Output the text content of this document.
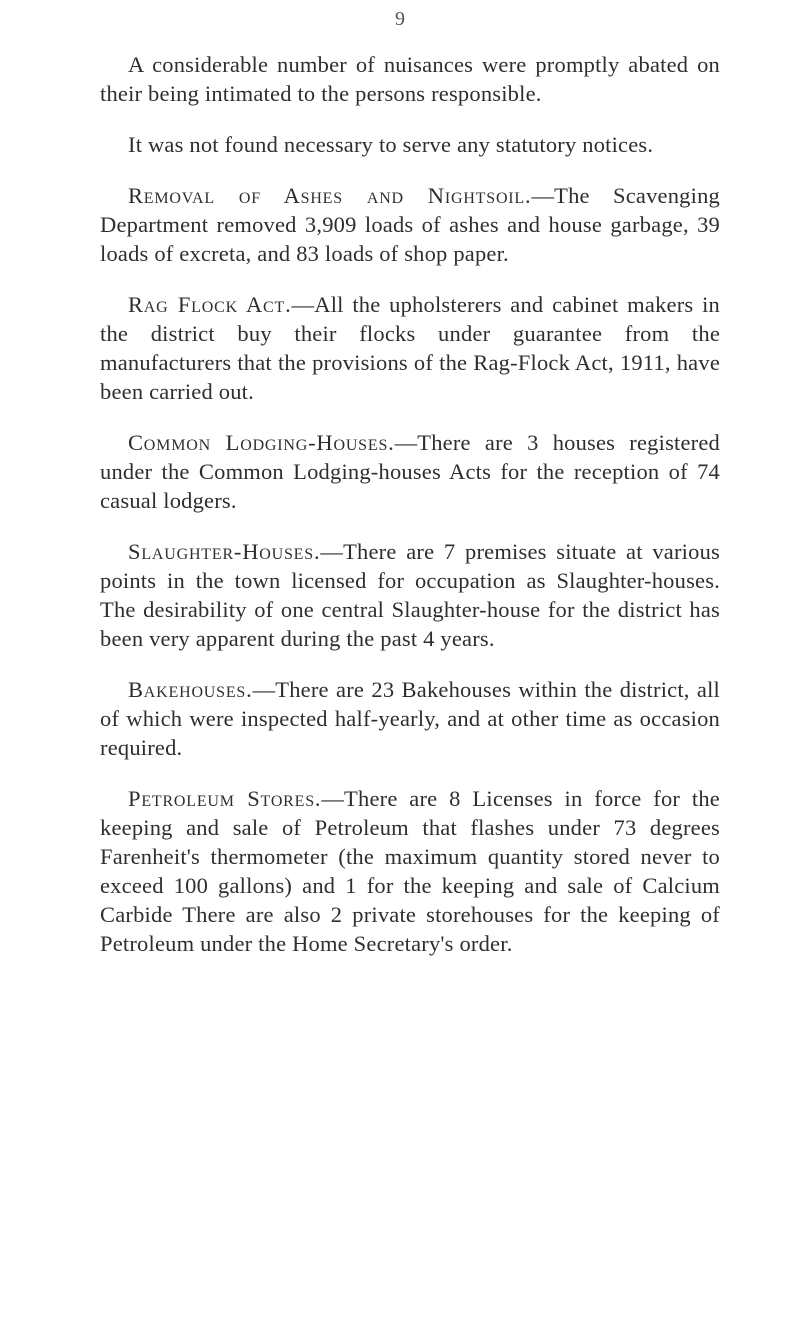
9

A considerable number of nuisances were promptly abated on their being intimated to the persons responsible.

It was not found necessary to serve any statutory notices.

Removal of Ashes and Nightsoil.—The Scavenging Department removed 3,909 loads of ashes and house garbage, 39 loads of excreta, and 83 loads of shop paper.

Rag Flock Act.—All the upholsterers and cabinet makers in the district buy their flocks under guarantee from the manufacturers that the provisions of the Rag-Flock Act, 1911, have been carried out.

Common Lodging-Houses.—There are 3 houses registered under the Common Lodging-houses Acts for the reception of 74 casual lodgers.

Slaughter-Houses.—There are 7 premises situate at various points in the town licensed for occupation as Slaughter-houses. The desirability of one central Slaughter-house for the district has been very apparent during the past 4 years.

Bakehouses.—There are 23 Bakehouses within the district, all of which were inspected half-yearly, and at other time as occasion required.

Petroleum Stores.—There are 8 Licenses in force for the keeping and sale of Petroleum that flashes under 73 degrees Farenheit's thermometer (the maximum quantity stored never to exceed 100 gallons) and 1 for the keeping and sale of Calcium Carbide There are also 2 private storehouses for the keeping of Petroleum under the Home Secretary's order.
